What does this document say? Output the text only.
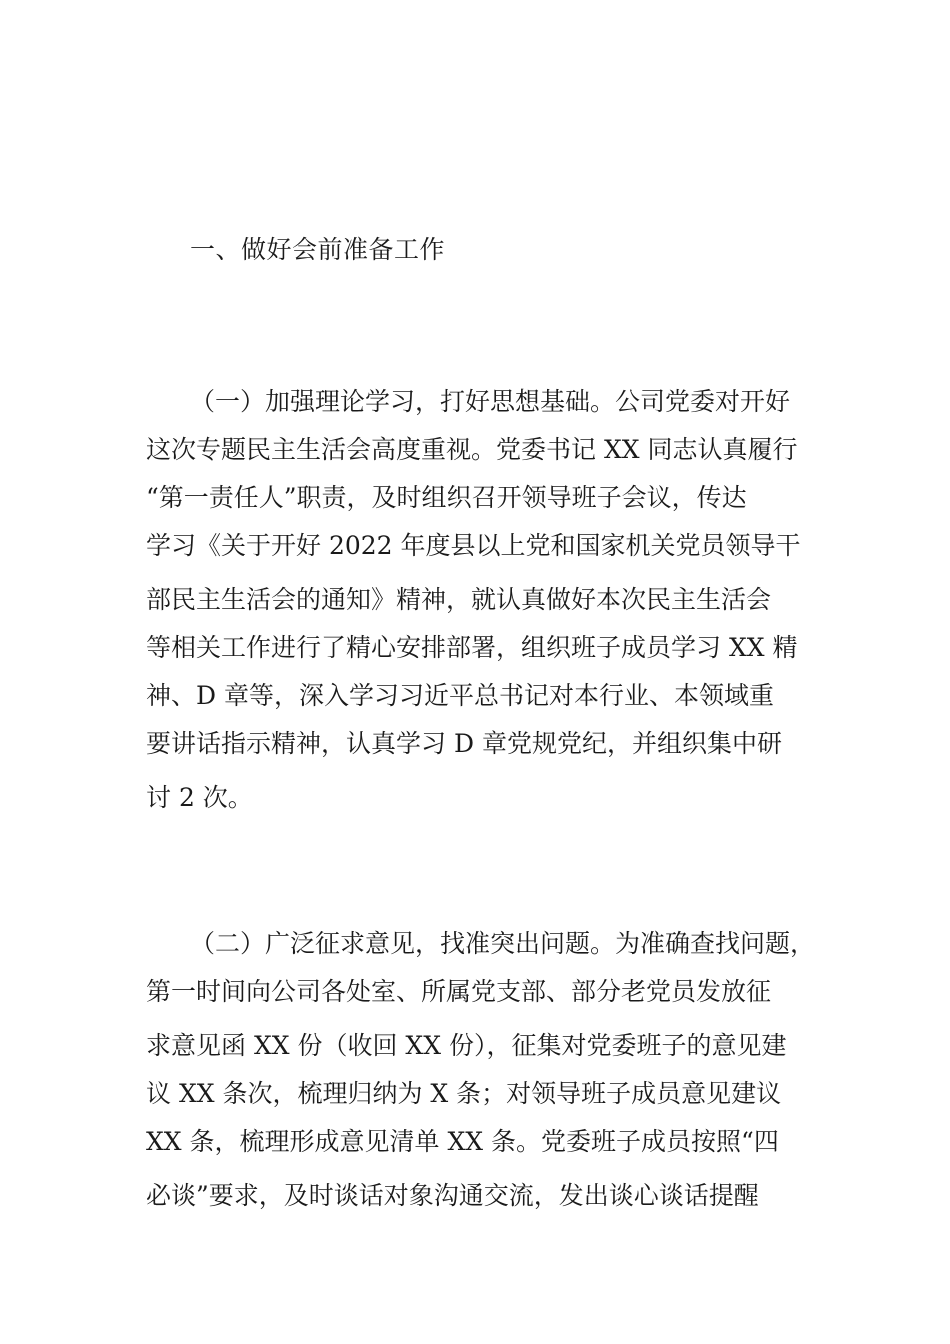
一、做好会前准备工作

（一）加强理论学习，打好思想基础。公司党委对开好

这次专题民主生活会高度重视。党委书记 XX 同志认真履行

“第一责任人”职责，及时组织召开领导班子会议，传达

学习《关于开好 2022 年度县以上党和国家机关党员领导干

部民主生活会的通知》精神，就认真做好本次民主生活会

等相关工作进行了精心安排部署，组织班子成员学习 XX 精

神、D 章等，深入学习习近平总书记对本行业、本领域重

要讲话指示精神，认真学习 D 章党规党纪，并组织集中研

讨 2 次。

（二）广泛征求意见，找准突出问题。为准确查找问题，

第一时间向公司各处室、所属党支部、部分老党员发放征

求意见函 XX 份（收回 XX 份），征集对党委班子的意见建

议 XX 条次，梳理归纳为 X 条；对领导班子成员意见建议

XX 条，梳理形成意见清单 XX 条。党委班子成员按照“四

必谈”要求，及时谈话对象沟通交流，发出谈心谈话提醒
